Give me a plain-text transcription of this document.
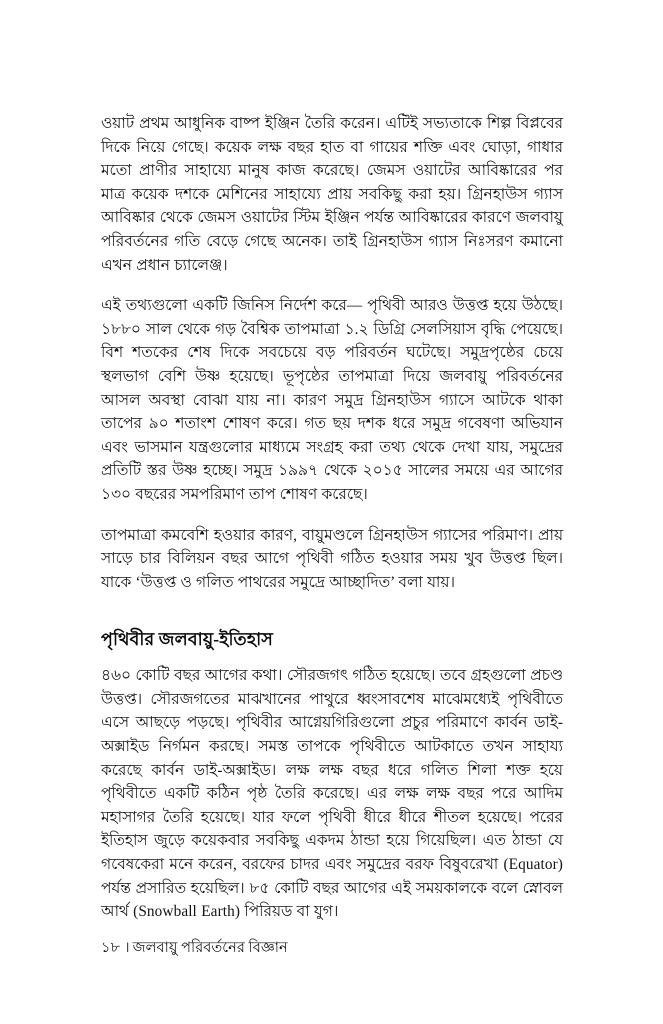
ওয়াট প্রথম আধুনিক বাষ্প ইঞ্জিন তৈরি করেন। এটিই সভ্যতাকে শিল্প বিপ্লবের দিকে নিয়ে গেছে। কয়েক লক্ষ বছর হাত বা গায়ের শক্তি এবং ঘোড়া, গাধার মতো প্রাণীর সাহায্যে মানুষ কাজ করেছে। জেমস ওয়াটের আবিষ্কারের পর মাত্র কয়েক দশকে মেশিনের সাহায্যে প্রায় সবকিছু করা হয়। গ্রিনহাউস গ্যাস আবিষ্কার থেকে জেমস ওয়াটের স্টিম ইঞ্জিন পর্যন্ত আবিষ্কারের কারণে জলবায়ু পরিবর্তনের গতি বেড়ে গেছে অনেক। তাই গ্রিনহাউস গ্যাস নিঃসরণ কমানো এখন প্রধান চ্যালেঞ্জ।

এই তথ্যগুলো একটি জিনিস নির্দেশ করে— পৃথিবী আরও উত্তপ্ত হয়ে উঠছে। ১৮৮০ সাল থেকে গড় বৈশ্বিক তাপমাত্রা ১.২ ডিগ্রি সেলসিয়াস বৃদ্ধি পেয়েছে। বিশ শতকের শেষ দিকে সবচেয়ে বড় পরিবর্তন ঘটেছে। সমুদ্রপৃষ্ঠের চেয়ে স্থলভাগ বেশি উষ্ণ হয়েছে। ভূপৃষ্ঠের তাপমাত্রা দিয়ে জলবায়ু পরিবর্তনের আসল অবস্থা বোঝা যায় না। কারণ সমুদ্র গ্রিনহাউস গ্যাসে আটকে থাকা তাপের ৯০ শতাংশ শোষণ করে। গত ছয় দশক ধরে সমুদ্র গবেষণা অভিযান এবং ভাসমান যন্ত্রগুলোর মাধ্যমে সংগ্রহ করা তথ্য থেকে দেখা যায়, সমুদ্রের প্রতিটি স্তর উষ্ণ হচ্ছে। সমুদ্র ১৯৯৭ থেকে ২০১৫ সালের সময়ে এর আগের ১৩০ বছরের সমপরিমাণ তাপ শোষণ করেছে।

তাপমাত্রা কমবেশি হওয়ার কারণ, বায়ুমণ্ডলে গ্রিনহাউস গ্যাসের পরিমাণ। প্রায় সাড়ে চার বিলিয়ন বছর আগে পৃথিবী গঠিত হওয়ার সময় খুব উত্তপ্ত ছিল। যাকে ‘উত্তপ্ত ও গলিত পাথরের সমুদ্রে আচ্ছাদিত’ বলা যায়।

পৃথিবীর জলবায়ু-ইতিহাস

৪৬০ কোটি বছর আগের কথা। সৌরজগৎ গঠিত হয়েছে। তবে গ্রহগুলো প্রচণ্ড উত্তপ্ত। সৌরজগতের মাঝখানের পাথুরে ধ্বংসাবশেষ মাঝেমধ্যেই পৃথিবীতে এসে আছড়ে পড়ছে। পৃথিবীর আগ্নেয়গিরিগুলো প্রচুর পরিমাণে কার্বন ডাই-অক্সাইড নির্গমন করছে। সমস্ত তাপকে পৃথিবীতে আটকাতে তখন সাহায্য করেছে কার্বন ডাই-অক্সাইড। লক্ষ লক্ষ বছর ধরে গলিত শিলা শক্ত হয়ে পৃথিবীতে একটি কঠিন পৃষ্ঠ তৈরি করেছে। এর লক্ষ লক্ষ বছর পরে আদিম মহাসাগর তৈরি হয়েছে। যার ফলে পৃথিবী ধীরে ধীরে শীতল হয়েছে। পরের ইতিহাস জুড়ে কয়েকবার সবকিছু একদম ঠান্ডা হয়ে গিয়েছিল। এত ঠান্ডা যে গবেষকেরা মনে করেন, বরফের চাদর এবং সমুদ্রের বরফ বিষুবরেখা (Equator) পর্যন্ত প্রসারিত হয়েছিল। ৮৫ কোটি বছর আগের এই সময়কালকে বলে স্নোবল আর্থ (Snowball Earth) পিরিয়ড বা যুগ।

১৮ । জলবায়ু পরিবর্তনের বিজ্ঞান
